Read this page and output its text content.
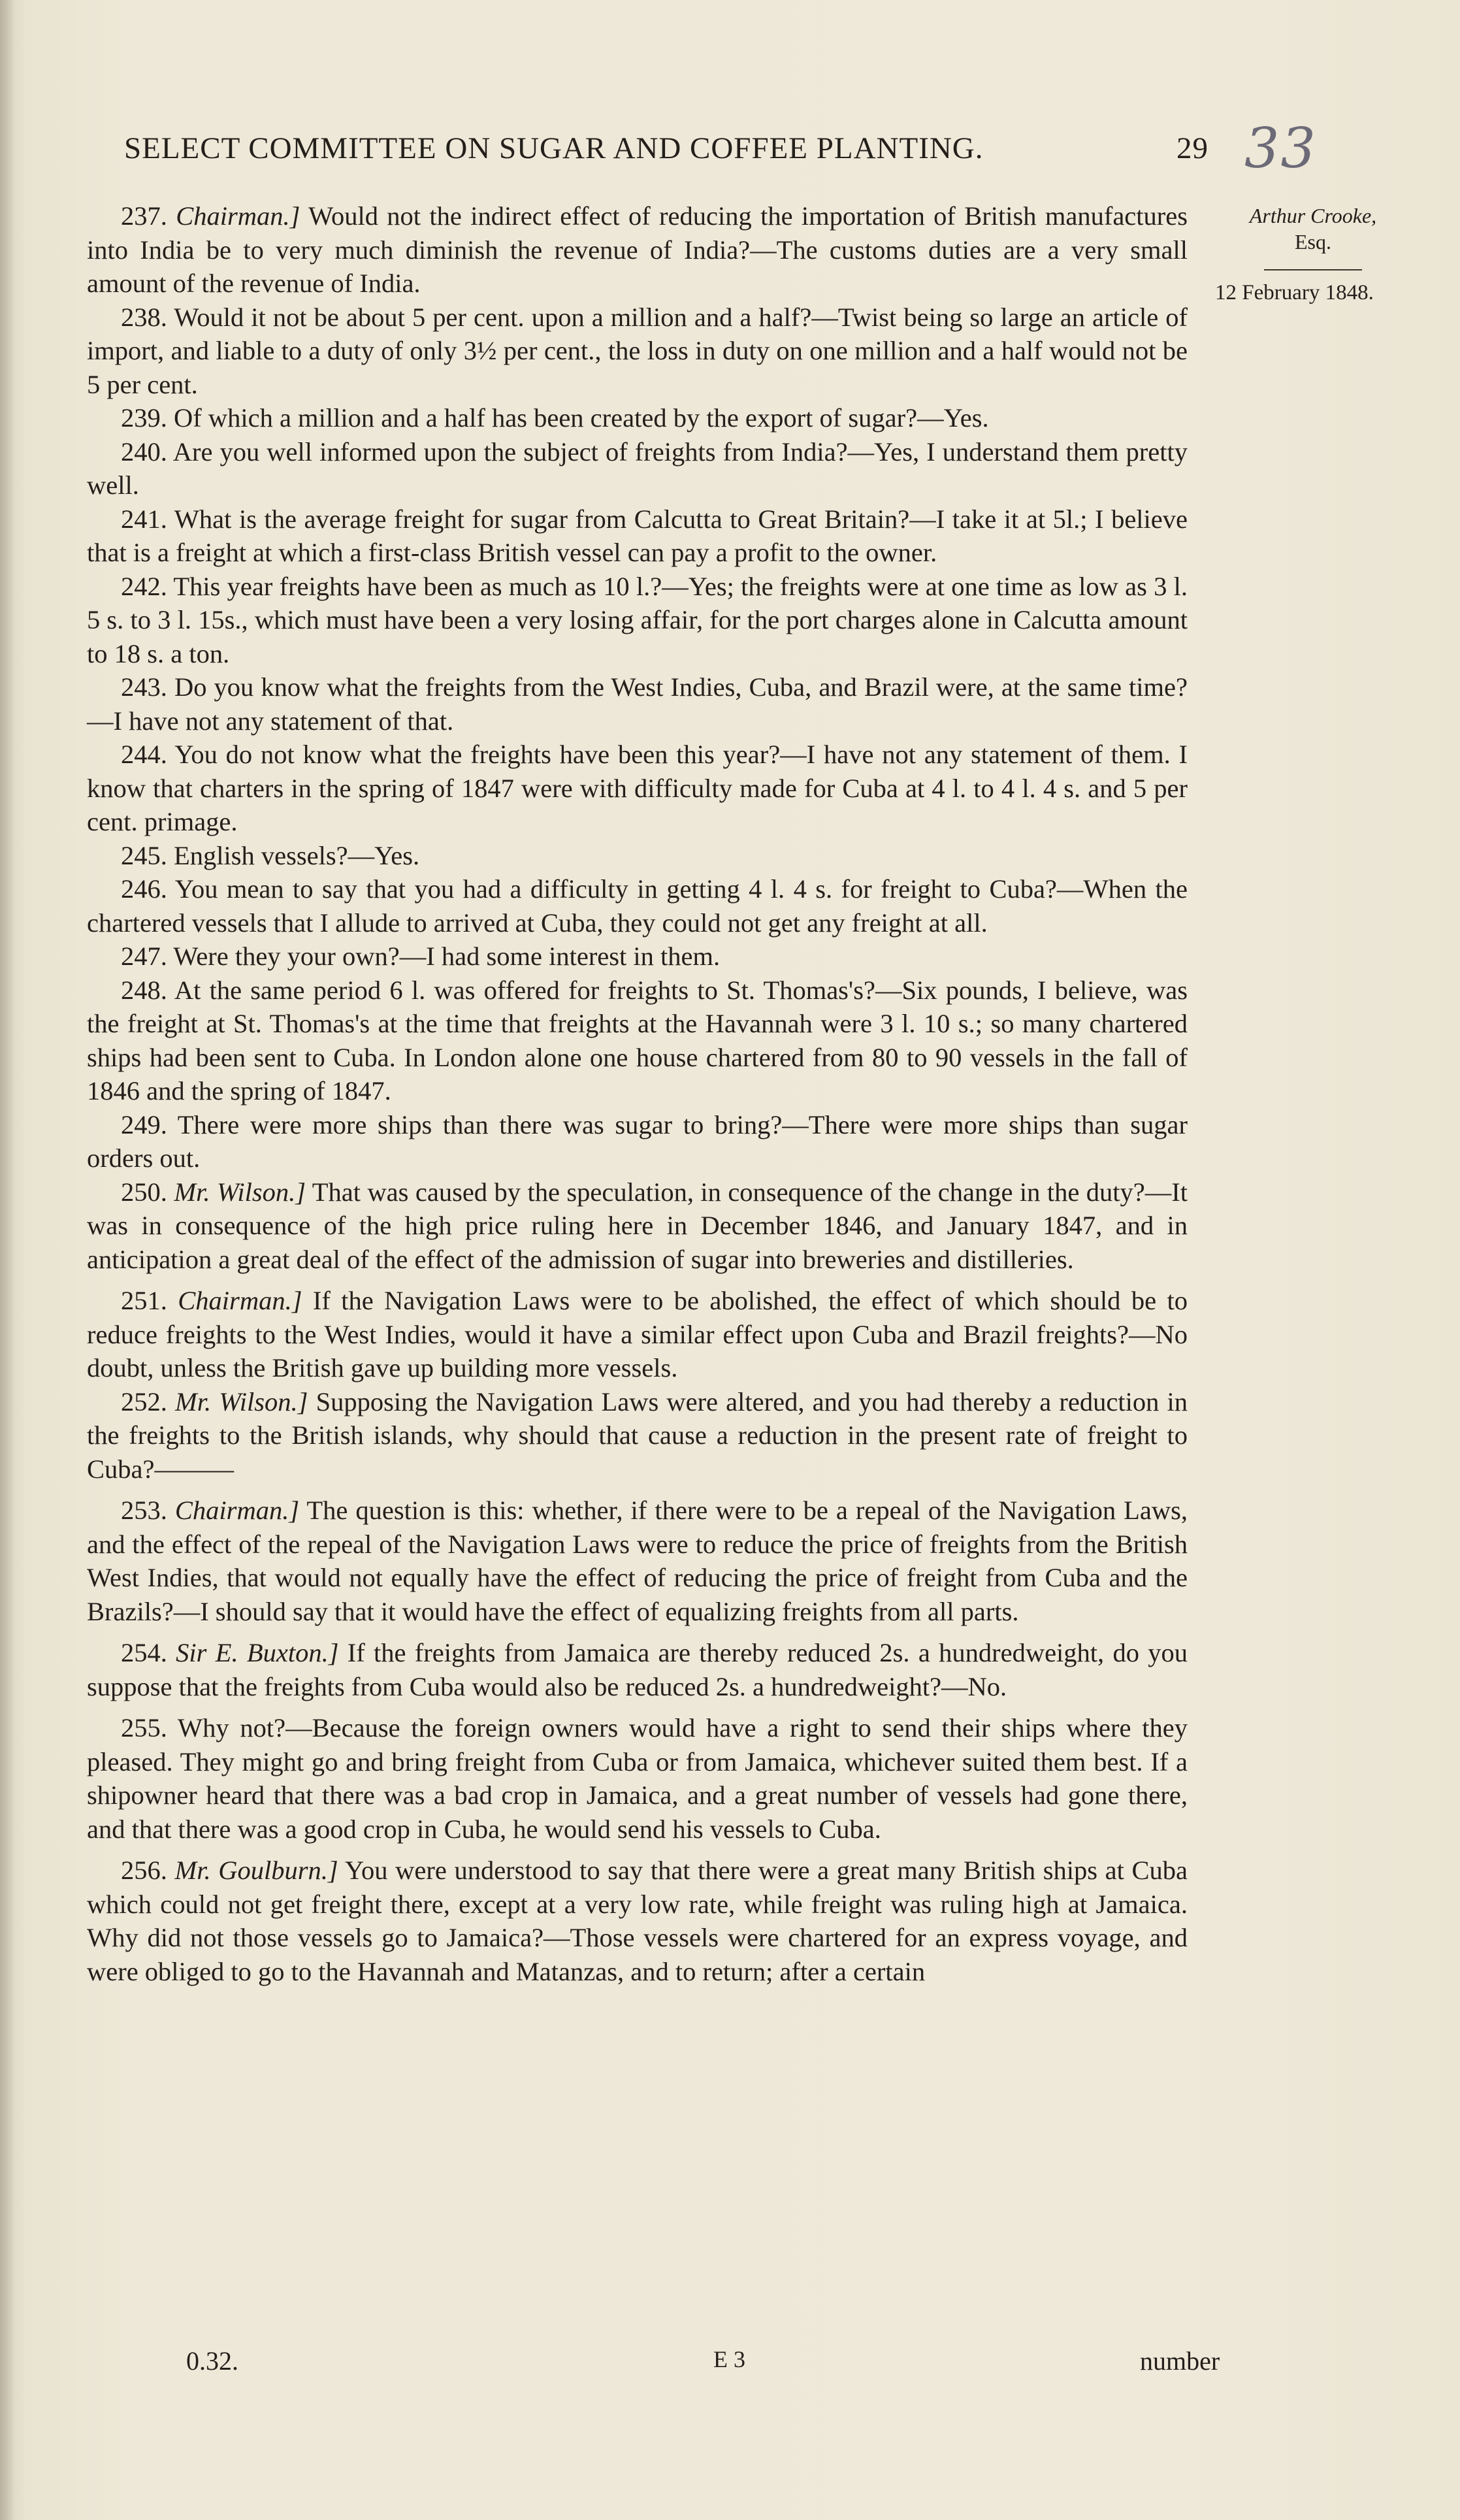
SELECT COMMITTEE ON SUGAR AND COFFEE PLANTING.	29 33
Arthur Crooke,
Esq.
12 February 1848.

237. Chairman.] Would not the indirect effect of reducing the importation of British manufactures into India be to very much diminish the revenue of India?—The customs duties are a very small amount of the revenue of India.

238. Would it not be about 5 per cent. upon a million and a half?—Twist being so large an article of import, and liable to a duty of only 3½ per cent., the loss in duty on one million and a half would not be 5 per cent.

239. Of which a million and a half has been created by the export of sugar?—Yes.

240. Are you well informed upon the subject of freights from India?—Yes, I understand them pretty well.

241. What is the average freight for sugar from Calcutta to Great Britain?—I take it at 5l.; I believe that is a freight at which a first-class British vessel can pay a profit to the owner.

242. This year freights have been as much as 10 l.?—Yes; the freights were at one time as low as 3 l. 5 s. to 3 l. 15s., which must have been a very losing affair, for the port charges alone in Calcutta amount to 18 s. a ton.

243. Do you know what the freights from the West Indies, Cuba, and Brazil were, at the same time?—I have not any statement of that.

244. You do not know what the freights have been this year?—I have not any statement of them. I know that charters in the spring of 1847 were with difficulty made for Cuba at 4 l. to 4 l. 4 s. and 5 per cent. primage.

245. English vessels?—Yes.

246. You mean to say that you had a difficulty in getting 4 l. 4 s. for freight to Cuba?—When the chartered vessels that I allude to arrived at Cuba, they could not get any freight at all.

247. Were they your own?—I had some interest in them.

248. At the same period 6 l. was offered for freights to St. Thomas's?—Six pounds, I believe, was the freight at St. Thomas's at the time that freights at the Havannah were 3 l. 10 s.; so many chartered ships had been sent to Cuba. In London alone one house chartered from 80 to 90 vessels in the fall of 1846 and the spring of 1847.

249. There were more ships than there was sugar to bring?—There were more ships than sugar orders out.

250. Mr. Wilson.] That was caused by the speculation, in consequence of the change in the duty?—It was in consequence of the high price ruling here in December 1846, and January 1847, and in anticipation a great deal of the effect of the admission of sugar into breweries and distilleries.

251. Chairman.] If the Navigation Laws were to be abolished, the effect of which should be to reduce freights to the West Indies, would it have a similar effect upon Cuba and Brazil freights?—No doubt, unless the British gave up building more vessels.

252. Mr. Wilson.] Supposing the Navigation Laws were altered, and you had thereby a reduction in the freights to the British islands, why should that cause a reduction in the present rate of freight to Cuba?———

253. Chairman.] The question is this: whether, if there were to be a repeal of the Navigation Laws, and the effect of the repeal of the Navigation Laws were to reduce the price of freights from the British West Indies, that would not equally have the effect of reducing the price of freight from Cuba and the Brazils?—I should say that it would have the effect of equalizing freights from all parts.

254. Sir E. Buxton.] If the freights from Jamaica are thereby reduced 2s. a hundredweight, do you suppose that the freights from Cuba would also be reduced 2s. a hundredweight?—No.

255. Why not?—Because the foreign owners would have a right to send their ships where they pleased. They might go and bring freight from Cuba or from Jamaica, whichever suited them best. If a shipowner heard that there was a bad crop in Jamaica, and a great number of vessels had gone there, and that there was a good crop in Cuba, he would send his vessels to Cuba.

256. Mr. Goulburn.] You were understood to say that there were a great many British ships at Cuba which could not get freight there, except at a very low rate, while freight was ruling high at Jamaica. Why did not those vessels go to Jamaica?—Those vessels were chartered for an express voyage, and were obliged to go to the Havannah and Matanzas, and to return; after a certain

0.32.	E 3	number
